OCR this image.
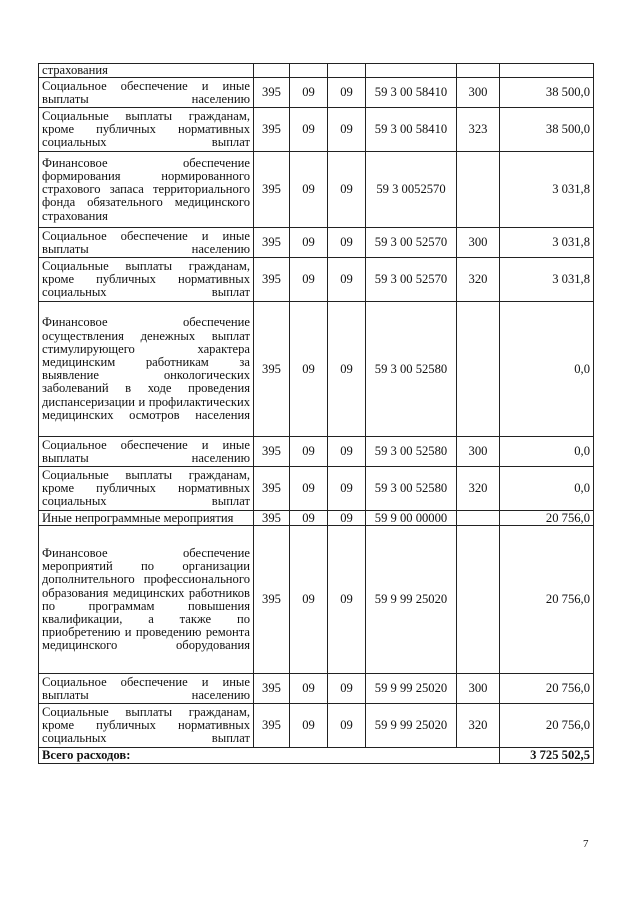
страхования						
Социальное обеспечение и иные выплаты населению	395	09	09	59 3 00 58410	300	38 500,0
Социальные выплаты гражданам, кроме публичных нормативных социальных выплат	395	09	09	59 3 00 58410	323	38 500,0
Финансовое обеспечение формирования нормированного страхового запаса территориального фонда обязательного медицинского страхования	395	09	09	59 3 0052570		3 031,8
Социальное обеспечение и иные выплаты населению	395	09	09	59 3 00 52570	300	3 031,8
Социальные выплаты гражданам, кроме публичных нормативных социальных выплат	395	09	09	59 3 00 52570	320	3 031,8
Финансовое обеспечение осуществления денежных выплат стимулирующего характера медицинским работникам за выявление онкологических заболеваний в ходе проведения диспансеризации и профилактических медицинских осмотров населения	395	09	09	59 3 00 52580		0,0
Социальное обеспечение и иные выплаты населению	395	09	09	59 3 00 52580	300	0,0
Социальные выплаты гражданам, кроме публичных нормативных социальных выплат	395	09	09	59 3 00 52580	320	0,0
Иные непрограммные мероприятия	395	09	09	59 9 00 00000		20 756,0
Финансовое обеспечение мероприятий по организации дополнительного профессионального образования медицинских работников по программам повышения квалификации, а также по приобретению и проведению ремонта медицинского оборудования	395	09	09	59 9 99 25020		20 756,0
Социальное обеспечение и иные выплаты населению	395	09	09	59 9 99 25020	300	20 756,0
Социальные выплаты гражданам, кроме публичных нормативных социальных выплат	395	09	09	59 9 99 25020	320	20 756,0
Всего расходов:						3 725 502,5
7
